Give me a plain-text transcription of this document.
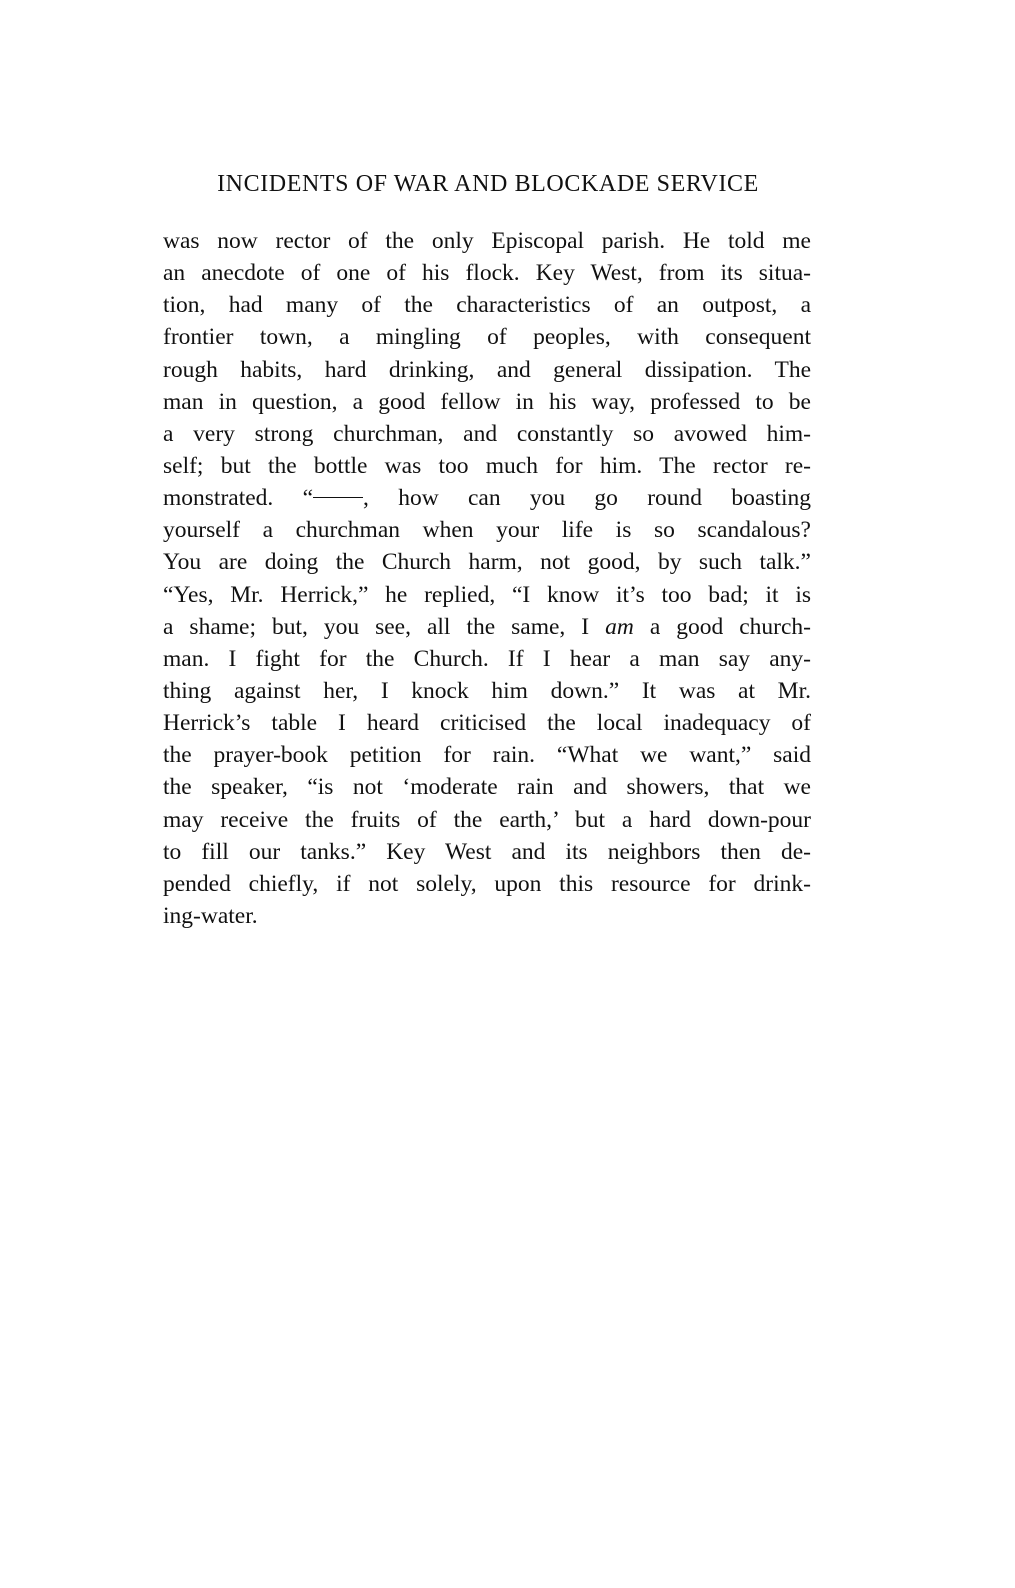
INCIDENTS OF WAR AND BLOCKADE SERVICE
was now rector of the only Episcopal parish. He told me
an anecdote of one of his flock. Key West, from its situa-
tion, had many of the characteristics of an outpost, a
frontier town, a mingling of peoples, with consequent
rough habits, hard drinking, and general dissipation. The
man in question, a good fellow in his way, professed to be
a very strong churchman, and constantly so avowed him-
self; but the bottle was too much for him. The rector re-
monstrated. “ , how can you go round boasting
yourself a churchman when your life is so scandalous?
You are doing the Church harm, not good, by such talk.”
“Yes, Mr. Herrick,” he replied, “I know it’s too bad; it is
a shame; but, you see, all the same, I am a good church-
man. I fight for the Church. If I hear a man say any-
thing against her, I knock him down.” It was at Mr.
Herrick’s table I heard criticised the local inadequacy of
the prayer-book petition for rain. “What we want,” said
the speaker, “is not ‘moderate rain and showers, that we
may receive the fruits of the earth,’ but a hard down-pour
to fill our tanks.” Key West and its neighbors then de-
pended chiefly, if not solely, upon this resource for drink-
ing-water.
